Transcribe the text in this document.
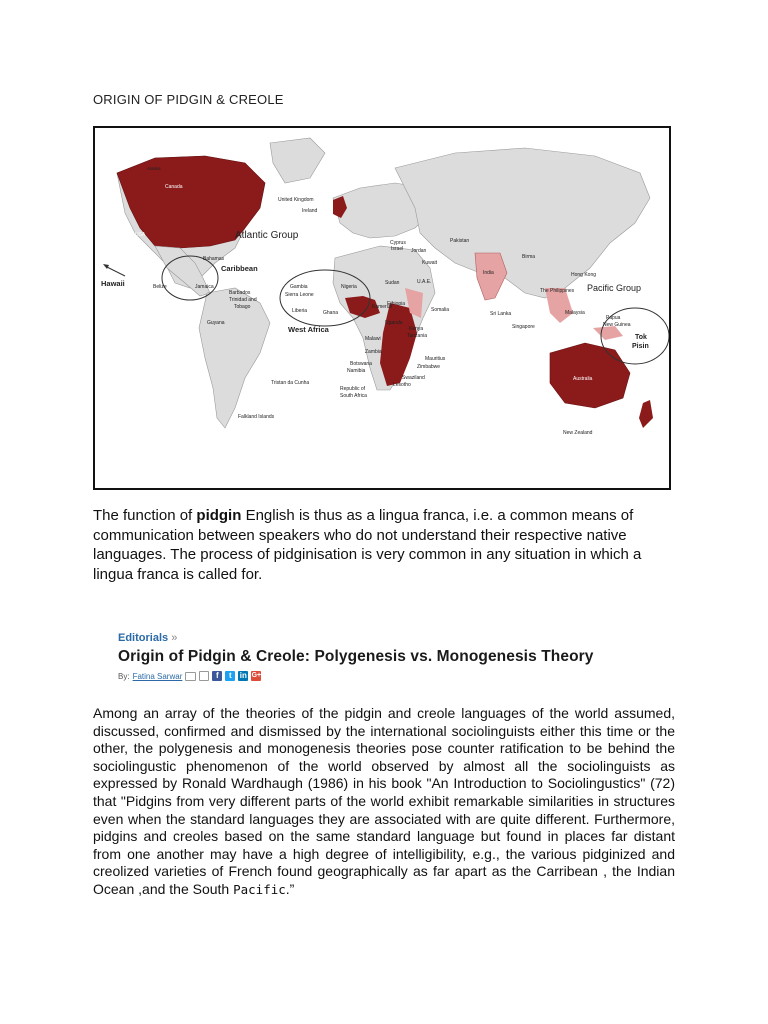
ORIGIN OF PIDGIN & CREOLE
Alaska
Canada
USA
United Kingdom
Ireland
Atlantic Group
Bahamas
Caribbean
Hawaii	Belize	Jamaica
Barbados
Trinidad and
Tobago
Guyana
Gambia
Sierra Leone
Liberia	Ghana
Nigeria
Kamerun
West Africa
Cyprus
Israel Jordan
Pakistan
Kuwait
U.A.E.
Sudan
Ethiopia
Somalia
Uganda
Kenya
Tanzania
Malawi
Zambia
Botswana
Namibia
Mauritius
Zimbabwe
Swaziland
Lesotho
Republic of
South Africa
Tristan da Cunha
Falkland Islands
India
Sri Lanka
Birma
Hong Kong
The Philippines
Malaysia
Singapore
Pacific Group
Papua
New Guinea
Tok
Pisin
Australia
New Zealand

The function of pidgin English is thus as a lingua franca, i.e. a common means of communication between speakers who do not understand their respective native languages. The process of pidginisation is very common in any situation in which a lingua franca is called for.

Editorials »
Origin of Pidgin & Creole: Polygenesis vs. Monogenesis Theory
By: Fatina Sarwar	f	t	in G+

Among an array of the theories of the pidgin and creole languages of the world assumed, discussed, confirmed and dismissed by the international sociolinguists either this time or the other, the polygenesis and monogenesis theories pose counter ratification to be behind the sociolingustic phenomenon of the world observed by almost all the sociolinguists as expressed by Ronald Wardhaugh (1986) in his book "An Introduction to Sociolingustics" (72) that "Pidgins from very different parts of the world exhibit remarkable similarities in structures even when the standard languages they are associated with are quite different. Furthermore, pidgins and creoles based on the same standard language but found in places far distant from one another may have a high degree of intelligibility, e.g., the various pidginized and creolized varieties of French found geographically as far apart as the Carribean , the Indian Ocean ,and the South Pacific.”
